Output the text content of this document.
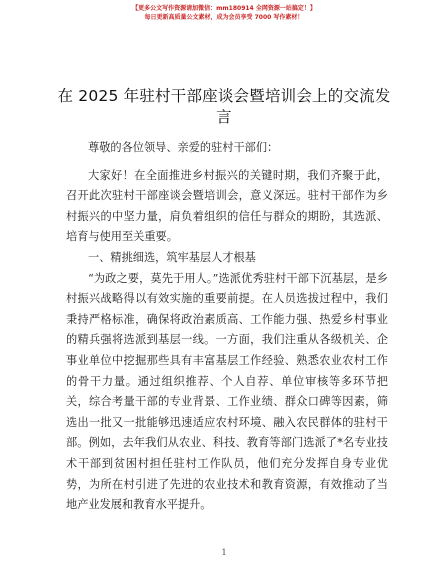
【更多公文写作资源请加微信：mm180914 全网资源一站搞定！】
每日更新高质量公文素材，成为会员享受 7000 写作素材！
在 2025 年驻村干部座谈会暨培训会上的交流发言

尊敬的各位领导、亲爱的驻村干部们：

大家好！在全面推进乡村振兴的关键时期，我们齐聚于此，召开此次驻村干部座谈会暨培训会，意义深远。驻村干部作为乡村振兴的中坚力量，肩负着组织的信任与群众的期盼，其选派、培育与使用至关重要。

一、精挑细选，筑牢基层人才根基

“为政之要，莫先于用人。”选派优秀驻村干部下沉基层，是乡村振兴战略得以有效实施的重要前提。在人员选拔过程中，我们秉持严格标准，确保将政治素质高、工作能力强、热爱乡村事业的精兵强将选派到基层一线。一方面，我们注重从各级机关、企事业单位中挖掘那些具有丰富基层工作经验、熟悉农业农村工作的骨干力量。通过组织推荐、个人自荐、单位审核等多环节把关，综合考量干部的专业背景、工作业绩、群众口碑等因素，筛选出一批又一批能够迅速适应农村环境、融入农民群体的驻村干部。例如，去年我们从农业、科技、教育等部门选派了*名专业技术干部到贫困村担任驻村工作队员，他们充分发挥自身专业优势，为所在村引进了先进的农业技术和教育资源，有效推动了当地产业发展和教育水平提升。

1
